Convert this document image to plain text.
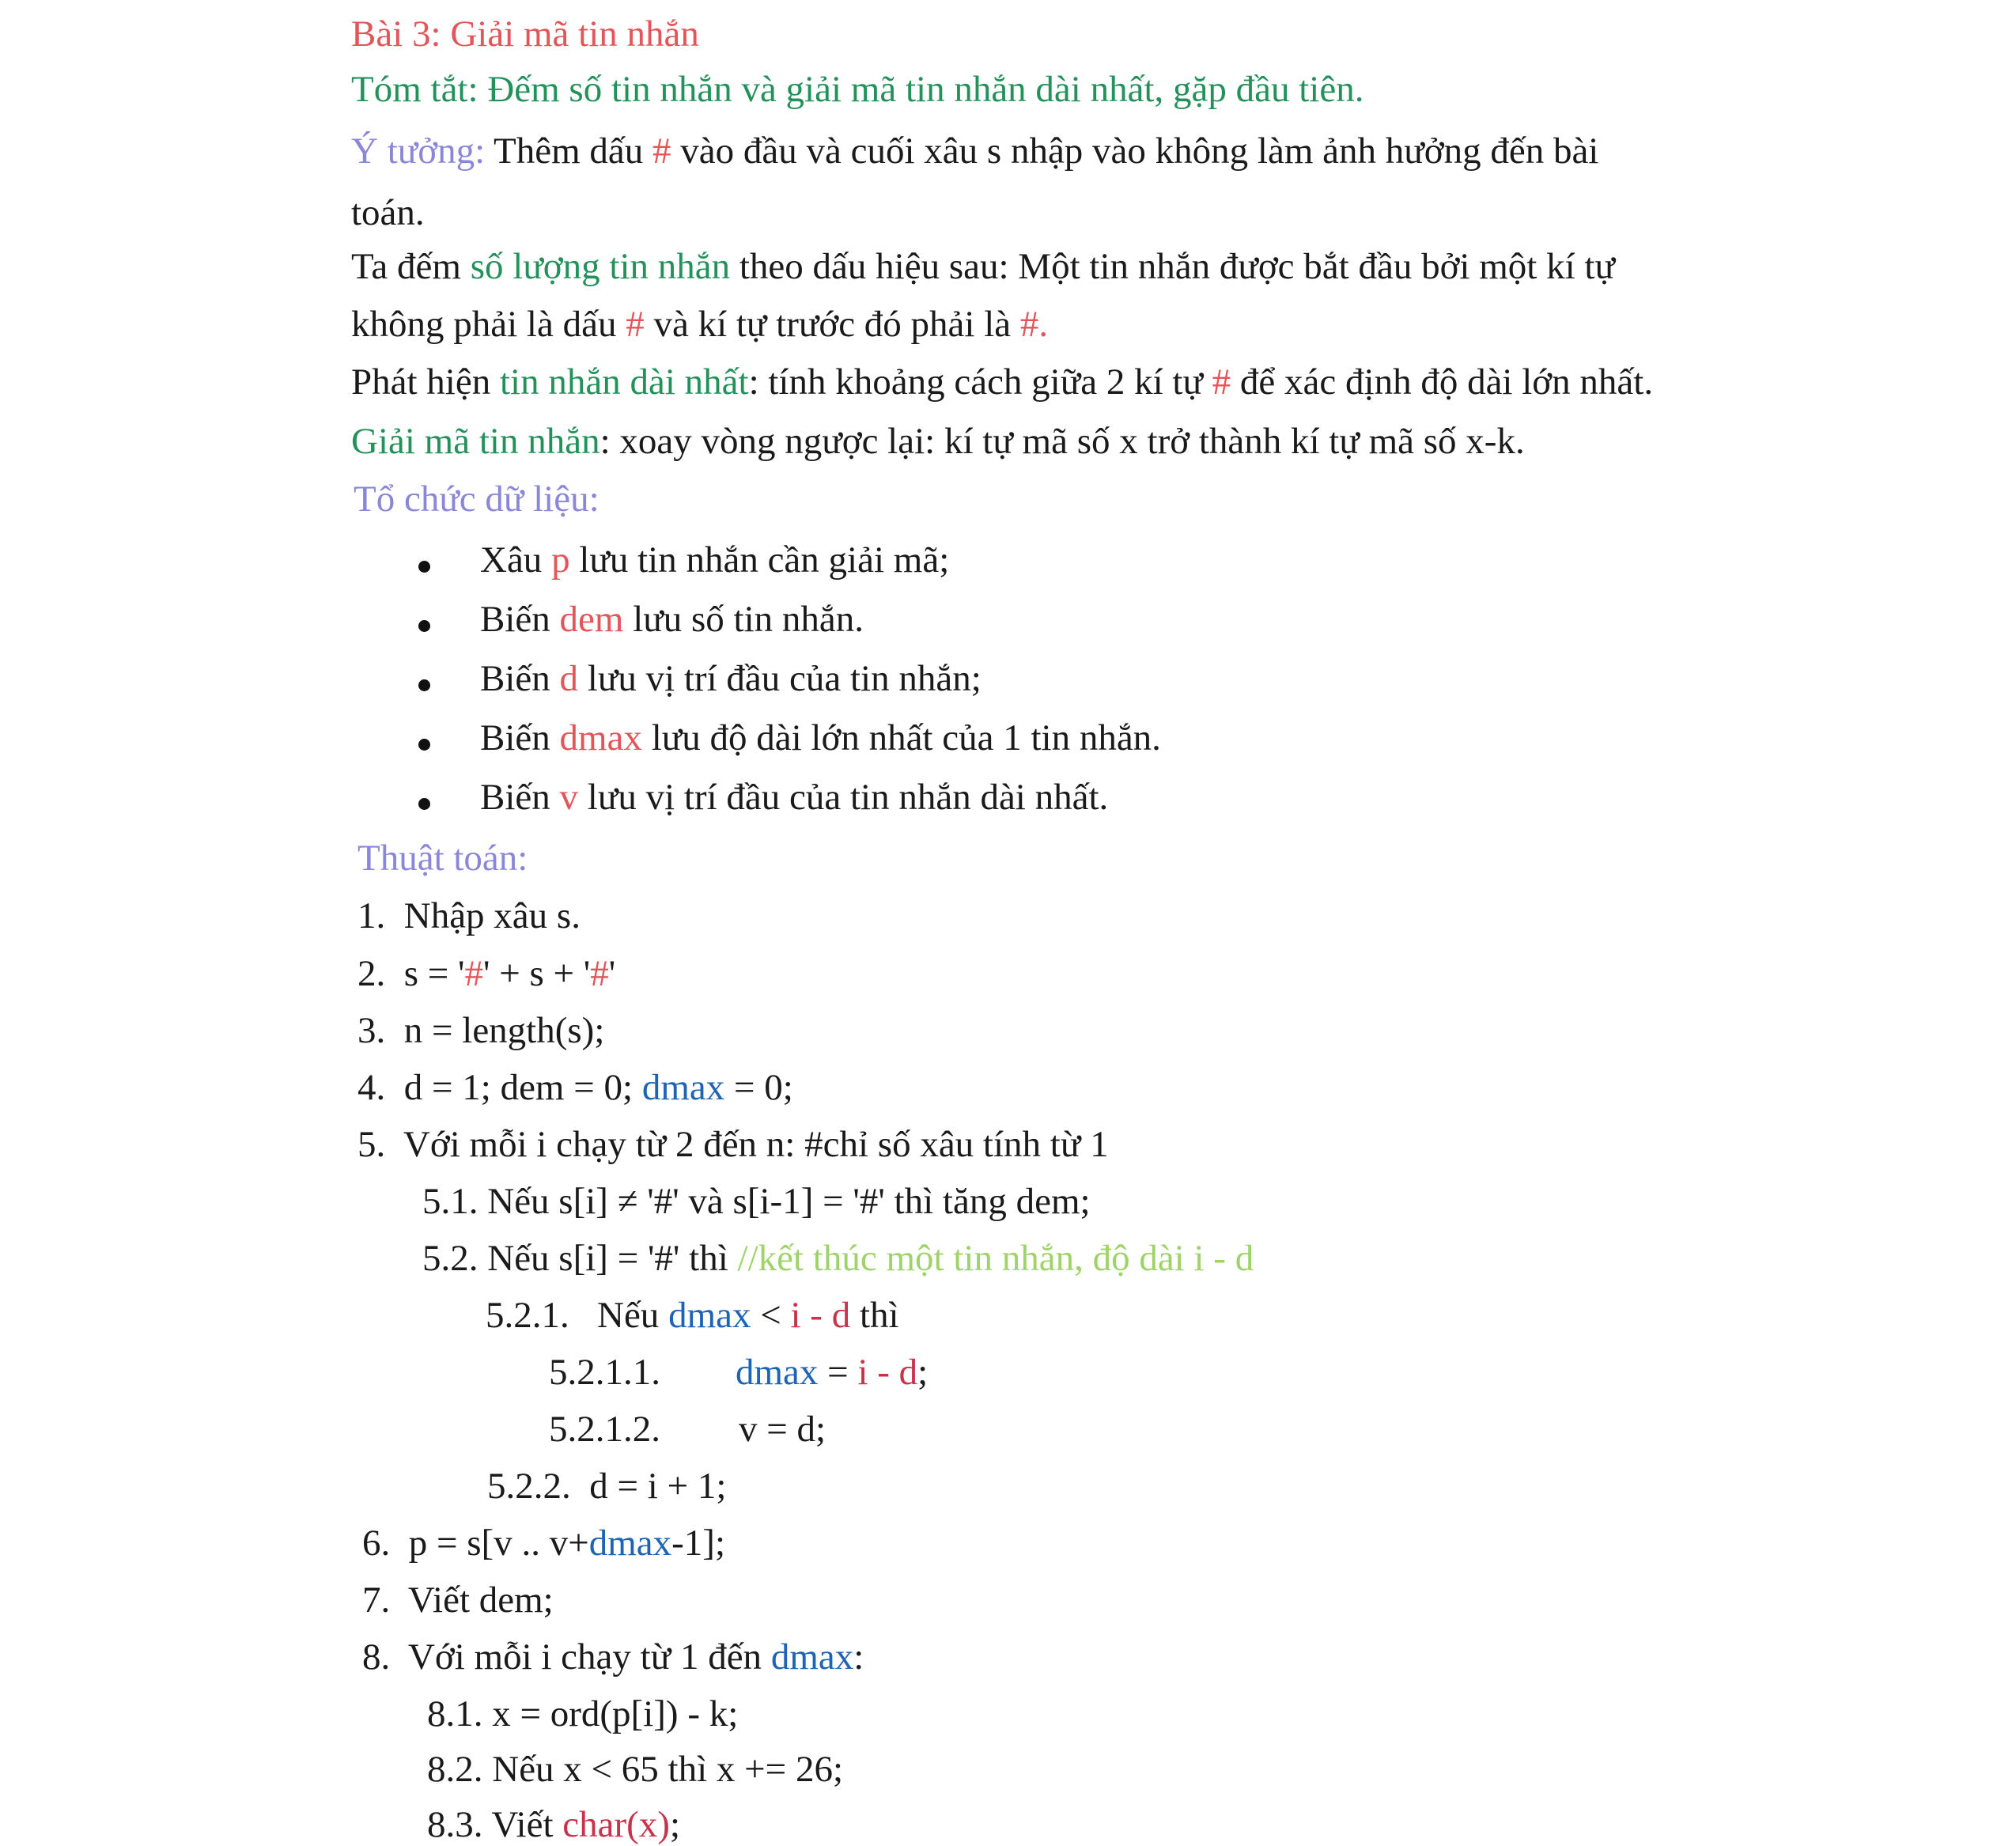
Bài 3: Giải mã tin nhắn
Tóm tắt: Đếm số tin nhắn và giải mã tin nhắn dài nhất, gặp đầu tiên.
Ý tưởng: Thêm dấu # vào đầu và cuối xâu s nhập vào không làm ảnh hưởng đến bài
toán.
Ta đếm số lượng tin nhắn theo dấu hiệu sau: Một tin nhắn được bắt đầu bởi một kí tự
không phải là dấu # và kí tự trước đó phải là #.
Phát hiện tin nhắn dài nhất: tính khoảng cách giữa 2 kí tự # để xác định độ dài lớn nhất.
Giải mã tin nhắn: xoay vòng ngược lại: kí tự mã số x trở thành kí tự mã số x-k.
Tổ chức dữ liệu:
Xâu p lưu tin nhắn cần giải mã;
Biến dem lưu số tin nhắn.
Biến d lưu vị trí đầu của tin nhắn;
Biến dmax lưu độ dài lớn nhất của 1 tin nhắn.
Biến v lưu vị trí đầu của tin nhắn dài nhất.
Thuật toán:
1. Nhập xâu s.
2. s = '#' + s + '#'
3. n = length(s);
4. d = 1; dem = 0; dmax = 0;
5. Với mỗi i chạy từ 2 đến n: #chỉ số xâu tính từ 1
5.1. Nếu s[i] ≠ '#' và s[i-1] = '#' thì tăng dem;
5.2. Nếu s[i] = '#' thì //kết thúc một tin nhắn, độ dài i - d
5.2.1. Nếu dmax < i - d thì
5.2.1.1. dmax = i - d;
5.2.1.2. v = d;
5.2.2. d = i + 1;
6. p = s[v .. v+dmax-1];
7. Viết dem;
8. Với mỗi i chạy từ 1 đến dmax:
8.1. x = ord(p[i]) - k;
8.2. Nếu x < 65 thì x += 26;
8.3. Viết char(x);
